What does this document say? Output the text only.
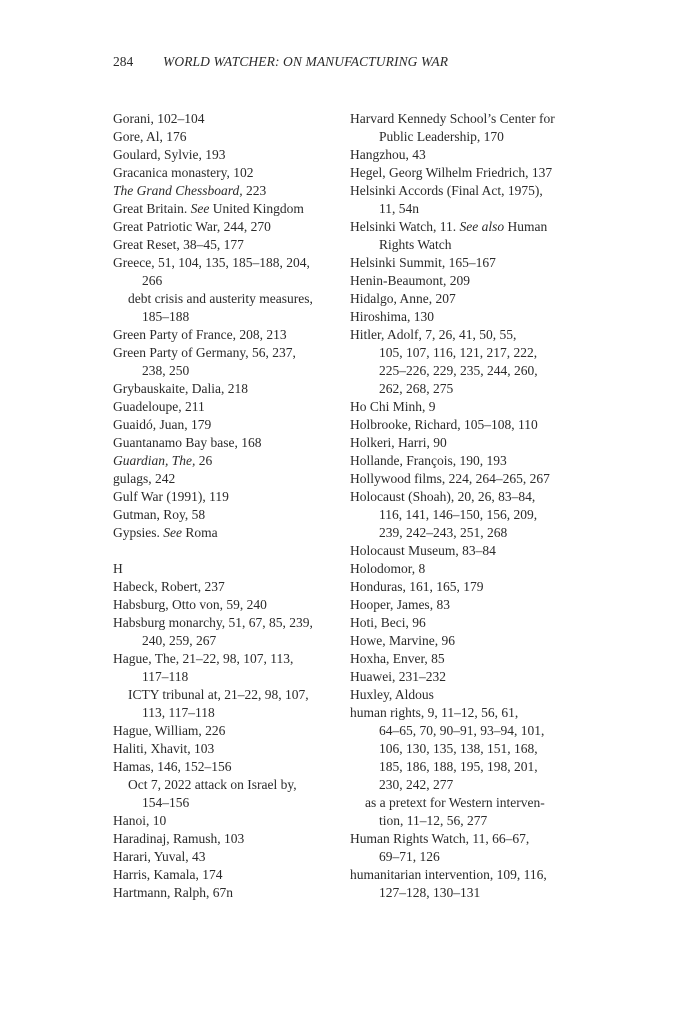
284 WORLD WATCHER: ON MANUFACTURING WAR
Gorani, 102–104
Gore, Al, 176
Goulard, Sylvie, 193
Gracanica monastery, 102
The Grand Chessboard, 223
Great Britain. See United Kingdom
Great Patriotic War, 244, 270
Great Reset, 38–45, 177
Greece, 51, 104, 135, 185–188, 204,
266
debt crisis and austerity measures,
185–188
Green Party of France, 208, 213
Green Party of Germany, 56, 237,
238, 250
Grybauskaite, Dalia, 218
Guadeloupe, 211
Guaidó, Juan, 179
Guantanamo Bay base, 168
Guardian, The, 26
gulags, 242
Gulf War (1991), 119
Gutman, Roy, 58
Gypsies. See Roma
H
Habeck, Robert, 237
Habsburg, Otto von, 59, 240
Habsburg monarchy, 51, 67, 85, 239,
240, 259, 267
Hague, The, 21–22, 98, 107, 113,
117–118
ICTY tribunal at, 21–22, 98, 107,
113, 117–118
Hague, William, 226
Haliti, Xhavit, 103
Hamas, 146, 152–156
Oct 7, 2022 attack on Israel by,
154–156
Hanoi, 10
Haradinaj, Ramush, 103
Harari, Yuval, 43
Harris, Kamala, 174
Hartmann, Ralph, 67n
Harvard Kennedy School’s Center for
Public Leadership, 170
Hangzhou, 43
Hegel, Georg Wilhelm Friedrich, 137
Helsinki Accords (Final Act, 1975),
11, 54n
Helsinki Watch, 11. See also Human
Rights Watch
Helsinki Summit, 165–167
Henin-Beaumont, 209
Hidalgo, Anne, 207
Hiroshima, 130
Hitler, Adolf, 7, 26, 41, 50, 55,
105, 107, 116, 121, 217, 222,
225–226, 229, 235, 244, 260,
262, 268, 275
Ho Chi Minh, 9
Holbrooke, Richard, 105–108, 110
Holkeri, Harri, 90
Hollande, François, 190, 193
Hollywood films, 224, 264–265, 267
Holocaust (Shoah), 20, 26, 83–84,
116, 141, 146–150, 156, 209,
239, 242–243, 251, 268
Holocaust Museum, 83–84
Holodomor, 8
Honduras, 161, 165, 179
Hooper, James, 83
Hoti, Beci, 96
Howe, Marvine, 96
Hoxha, Enver, 85
Huawei, 231–232
Huxley, Aldous
human rights, 9, 11–12, 56, 61,
64–65, 70, 90–91, 93–94, 101,
106, 130, 135, 138, 151, 168,
185, 186, 188, 195, 198, 201,
230, 242, 277
as a pretext for Western interven-
tion, 11–12, 56, 277
Human Rights Watch, 11, 66–67,
69–71, 126
humanitarian intervention, 109, 116,
127–128, 130–131
